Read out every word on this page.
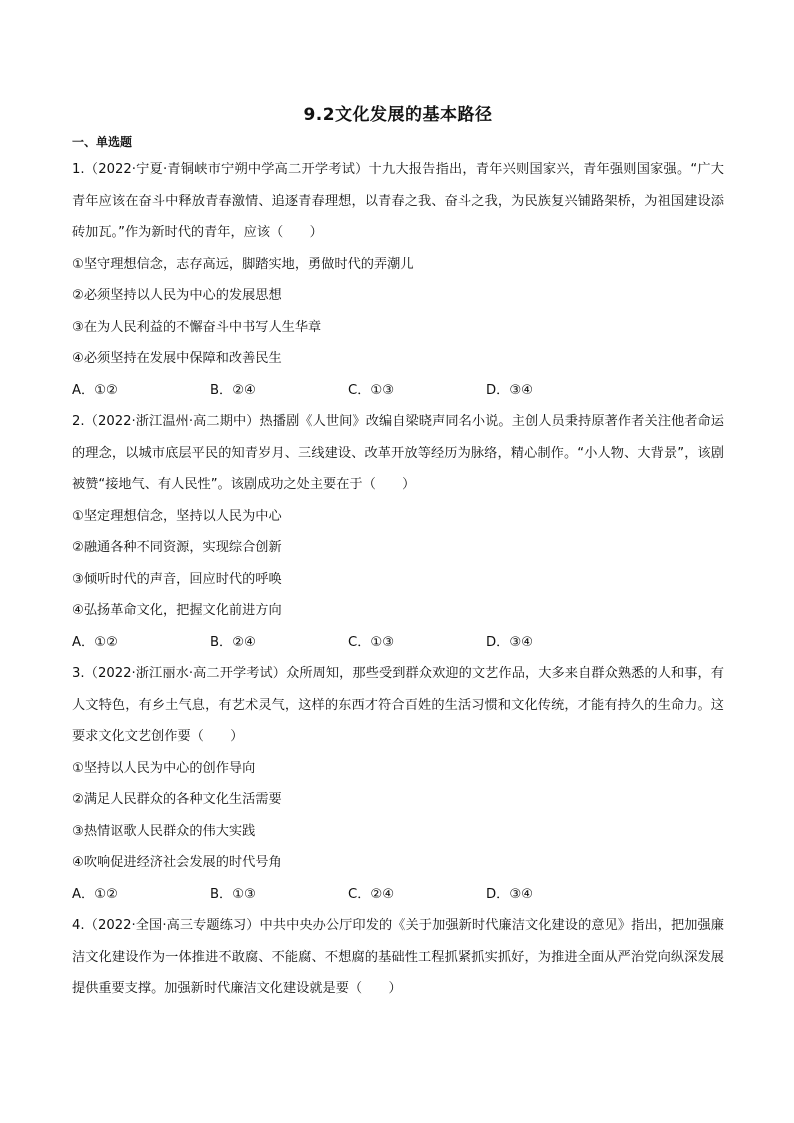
9.2文化发展的基本路径
一、单选题

1.（2022·宁夏·青铜峡市宁朔中学高二开学考试）十九大报告指出，青年兴则国家兴，青年强则国家强。“广大青年应该在奋斗中释放青春激情、追逐青春理想，以青春之我、奋斗之我，为民族复兴铺路架桥，为祖国建设添砖加瓦。”作为新时代的青年，应该（　　）

①坚守理想信念，志存高远，脚踏实地，勇做时代的弄潮儿

②必须坚持以人民为中心的发展思想

③在为人民利益的不懈奋斗中书写人生华章

④必须坚持在发展中保障和改善民生

A．①②	B．②④	C．①③	D．③④

2.（2022·浙江温州·高二期中）热播剧《人世间》改编自梁晓声同名小说。主创人员秉持原著作者关注他者命运的理念，以城市底层平民的知青岁月、三线建设、改革开放等经历为脉络，精心制作。“小人物、大背景”，该剧被赞“接地气、有人民性”。该剧成功之处主要在于（　　）

①坚定理想信念，坚持以人民为中心

②融通各种不同资源，实现综合创新

③倾听时代的声音，回应时代的呼唤

④弘扬革命文化，把握文化前进方向

A．①②	B．②④	C．①③	D．③④

3.（2022·浙江丽水·高二开学考试）众所周知，那些受到群众欢迎的文艺作品，大多来自群众熟悉的人和事，有人文特色，有乡土气息，有艺术灵气，这样的东西才符合百姓的生活习惯和文化传统，才能有持久的生命力。这要求文化文艺创作要（　　）

①坚持以人民为中心的创作导向

②满足人民群众的各种文化生活需要

③热情讴歌人民群众的伟大实践

④吹响促进经济社会发展的时代号角

A．①②	B．①③	C．②④	D．③④

4.（2022·全国·高三专题练习）中共中央办公厅印发的《关于加强新时代廉洁文化建设的意见》指出，把加强廉洁文化建设作为一体推进不敢腐、不能腐、不想腐的基础性工程抓紧抓实抓好，为推进全面从严治党向纵深发展提供重要支撑。加强新时代廉洁文化建设就是要（　　）
